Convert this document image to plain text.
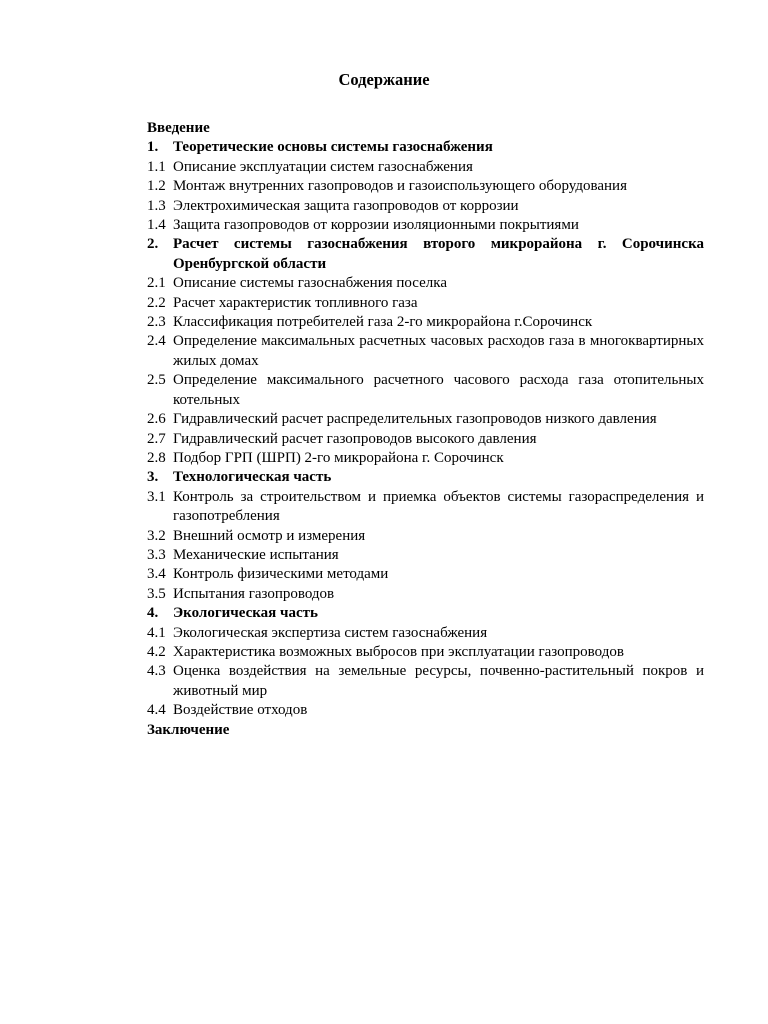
Содержание
Введение
1. Теоретические основы системы газоснабжения
1.1 Описание эксплуатации систем газоснабжения
1.2 Монтаж внутренних газопроводов и газоиспользующего оборудования
1.3 Электрохимическая защита газопроводов от коррозии
1.4 Защита газопроводов от коррозии изоляционными покрытиями
2. Расчет системы газоснабжения второго микрорайона г. Сорочинска Оренбургской области
2.1 Описание системы газоснабжения поселка
2.2 Расчет характеристик топливного газа
2.3 Классификация потребителей газа 2-го микрорайона г.Сорочинск
2.4 Определение максимальных расчетных часовых расходов газа в многоквартирных жилых домах
2.5 Определение максимального расчетного часового расхода газа отопительных котельных
2.6 Гидравлический расчет распределительных газопроводов низкого давления
2.7 Гидравлический расчет газопроводов высокого давления
2.8 Подбор ГРП (ШРП) 2-го микрорайона г. Сорочинск
3. Технологическая часть
3.1 Контроль за строительством и приемка объектов системы газораспределения и газопотребления
3.2 Внешний осмотр и измерения
3.3 Механические испытания
3.4 Контроль физическими методами
3.5 Испытания газопроводов
4. Экологическая часть
4.1 Экологическая экспертиза систем газоснабжения
4.2 Характеристика возможных выбросов при эксплуатации газопроводов
4.3 Оценка воздействия на земельные ресурсы, почвенно-растительный покров и животный мир
4.4 Воздействие отходов
Заключение
